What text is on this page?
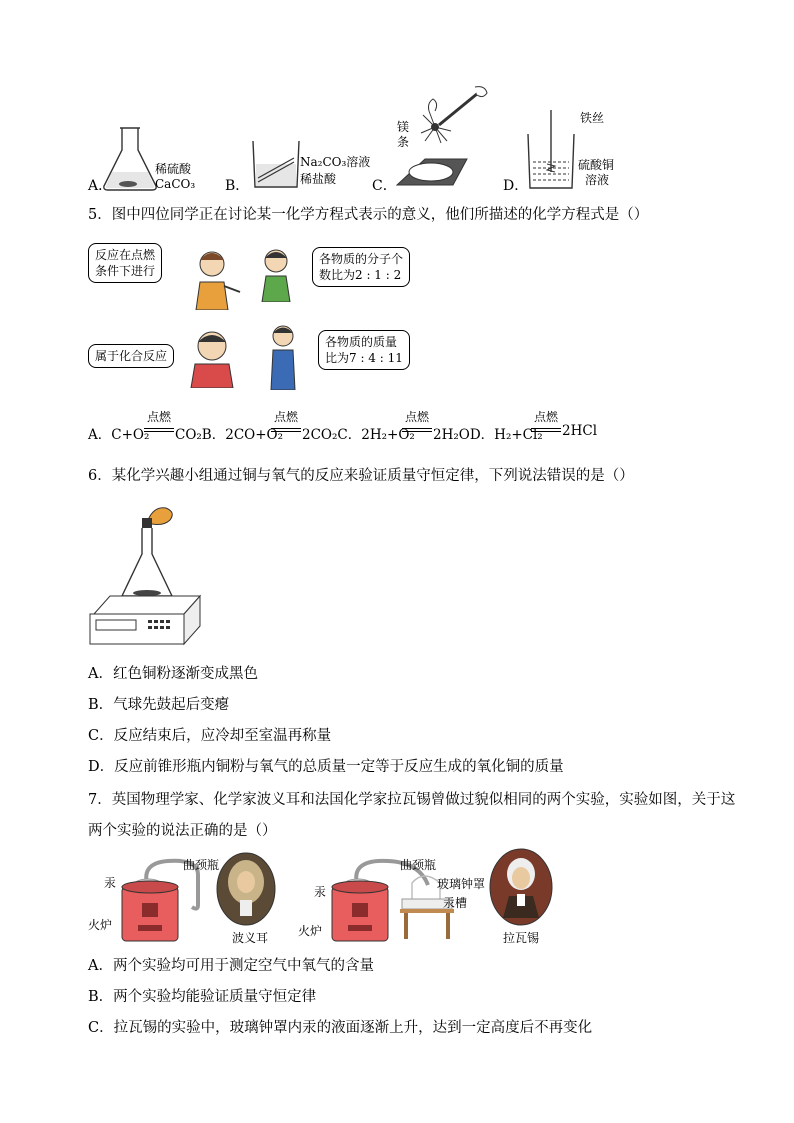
A．
稀硫酸
CaCO₃ B．
Na₂CO₃溶液
稀盐酸	C．
镁
条
D．
铁丝
硫酸铜
溶液
5．图中四位同学正在讨论某一化学方程式表示的意义，他们所描述的化学方程式是（）
反应在点燃
条件下进行
各物质的分子个
数比为2 : 1 : 2
属于化合反应
各物质的质量
比为7 : 4 : 11
A．C+O₂
点燃
CO₂B．2CO+O₂
点燃
2CO₂C．2H₂+O₂
点燃
2H₂OD．H₂+Cl₂
点燃
2HCl
6．某化学兴趣小组通过铜与氧气的反应来验证质量守恒定律，下列说法错误的是（）
A．红色铜粉逐渐变成黑色
B．气球先鼓起后变瘪
C．反应结束后，应冷却至室温再称量
D．反应前锥形瓶内铜粉与氧气的总质量一定等于反应生成的氧化铜的质量
7．英国物理学家、化学家波义耳和法国化学家拉瓦锡曾做过貌似相同的两个实验，实验如图，关于这
两个实验的说法正确的是（）
曲颈瓶
汞
火炉
波义耳
曲颈瓶
玻璃钟罩
汞
汞槽
火炉	拉瓦锡
A．两个实验均可用于测定空气中氧气的含量
B．两个实验均能验证质量守恒定律
C．拉瓦锡的实验中，玻璃钟罩内汞的液面逐渐上升，达到一定高度后不再变化
